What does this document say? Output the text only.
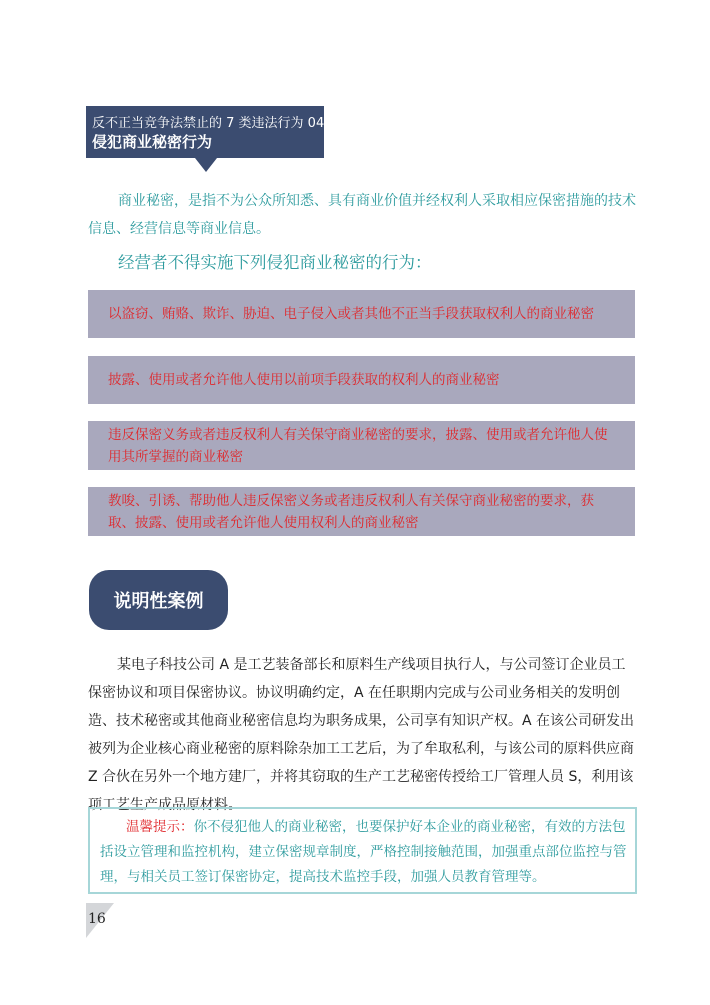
反不正当竞争法禁止的 7 类违法行为 04
侵犯商业秘密行为
商业秘密，是指不为公众所知悉、具有商业价值并经权利人采取相应保密措施的技术信息、经营信息等商业信息。
经营者不得实施下列侵犯商业秘密的行为：
以盗窃、贿赂、欺诈、胁迫、电子侵入或者其他不正当手段获取权利人的商业秘密
披露、使用或者允许他人使用以前项手段获取的权利人的商业秘密
违反保密义务或者违反权利人有关保守商业秘密的要求，披露、使用或者允许他人使用其所掌握的商业秘密
教唆、引诱、帮助他人违反保密义务或者违反权利人有关保守商业秘密的要求，获取、披露、使用或者允许他人使用权利人的商业秘密
说明性案例
某电子科技公司 A 是工艺装备部长和原料生产线项目执行人，与公司签订企业员工保密协议和项目保密协议。协议明确约定，A 在任职期内完成与公司业务相关的发明创造、技术秘密或其他商业秘密信息均为职务成果，公司享有知识产权。A 在该公司研发出被列为企业核心商业秘密的原料除杂加工工艺后，为了牟取私利，与该公司的原料供应商 Z 合伙在另外一个地方建厂，并将其窃取的生产工艺秘密传授给工厂管理人员 S，利用该项工艺生产成品原材料。
温馨提示：你不侵犯他人的商业秘密，也要保护好本企业的商业秘密，有效的方法包括设立管理和监控机构，建立保密规章制度，严格控制接触范围，加强重点部位监控与管理，与相关员工签订保密协定，提高技术监控手段，加强人员教育管理等。
16
